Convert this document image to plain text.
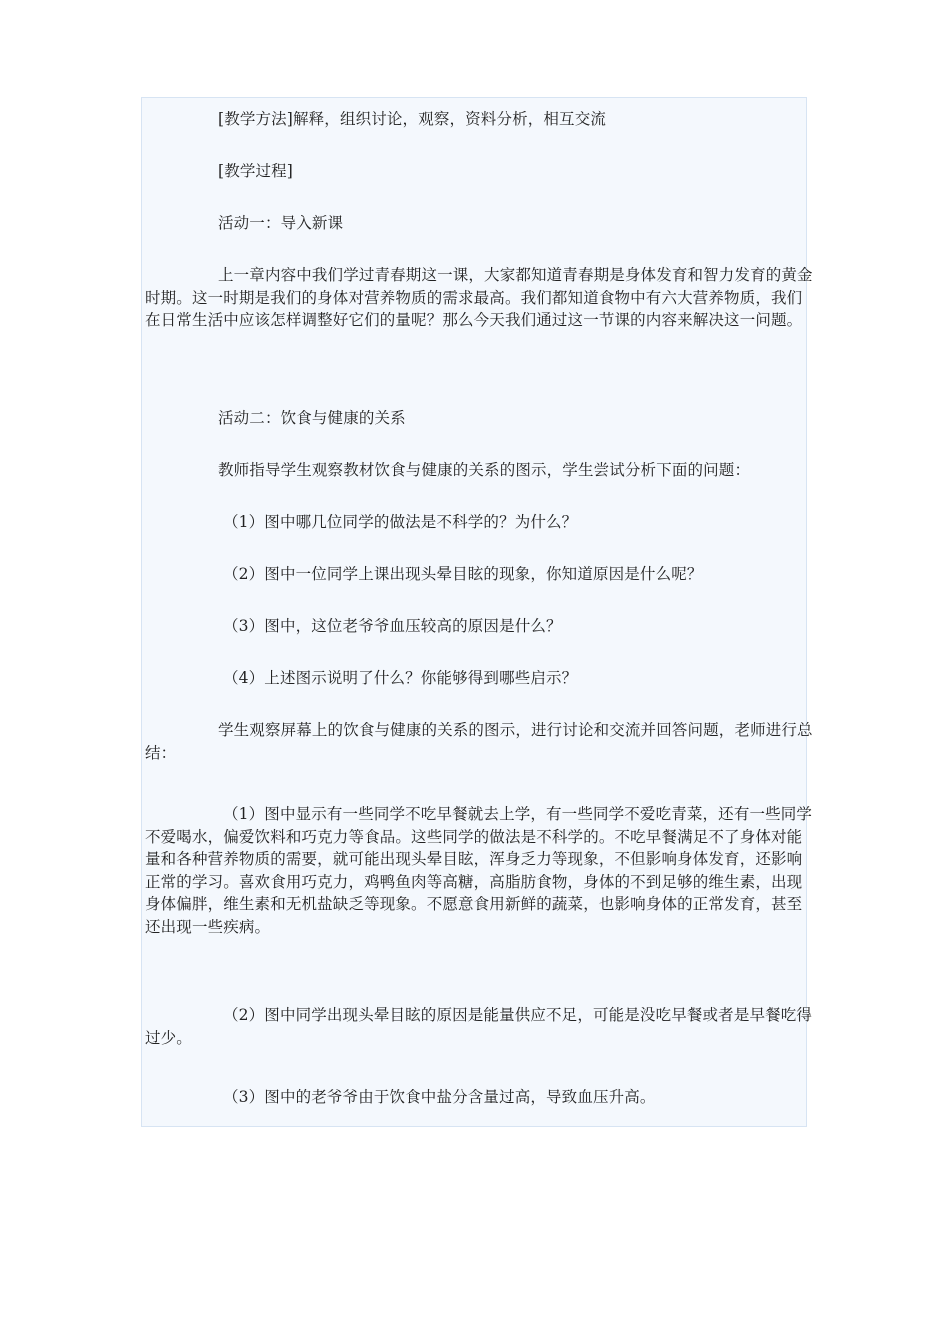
[教学方法]解释，组织讨论，观察，资料分析，相互交流

[教学过程]

活动一：导入新课

上一章内容中我们学过青春期这一课，大家都知道青春期是身体发育和智力发育的黄金时期。这一时期是我们的身体对营养物质的需求最高。我们都知道食物中有六大营养物质，我们在日常生活中应该怎样调整好它们的量呢？那么今天我们通过这一节课的内容来解决这一问题。

活动二：饮食与健康的关系

教师指导学生观察教材饮食与健康的关系的图示，学生尝试分析下面的问题：

（1）图中哪几位同学的做法是不科学的？为什么？

（2）图中一位同学上课出现头晕目眩的现象，你知道原因是什么呢？

（3）图中，这位老爷爷血压较高的原因是什么？

（4）上述图示说明了什么？你能够得到哪些启示？

学生观察屏幕上的饮食与健康的关系的图示，进行讨论和交流并回答问题，老师进行总结：

（1）图中显示有一些同学不吃早餐就去上学，有一些同学不爱吃青菜，还有一些同学不爱喝水，偏爱饮料和巧克力等食品。这些同学的做法是不科学的。不吃早餐满足不了身体对能量和各种营养物质的需要，就可能出现头晕目眩，浑身乏力等现象，不但影响身体发育，还影响正常的学习。喜欢食用巧克力，鸡鸭鱼肉等高糖，高脂肪食物，身体的不到足够的维生素，出现身体偏胖，维生素和无机盐缺乏等现象。不愿意食用新鲜的蔬菜，也影响身体的正常发育，甚至还出现一些疾病。

（2）图中同学出现头晕目眩的原因是能量供应不足，可能是没吃早餐或者是早餐吃得过少。

（3）图中的老爷爷由于饮食中盐分含量过高，导致血压升高。
